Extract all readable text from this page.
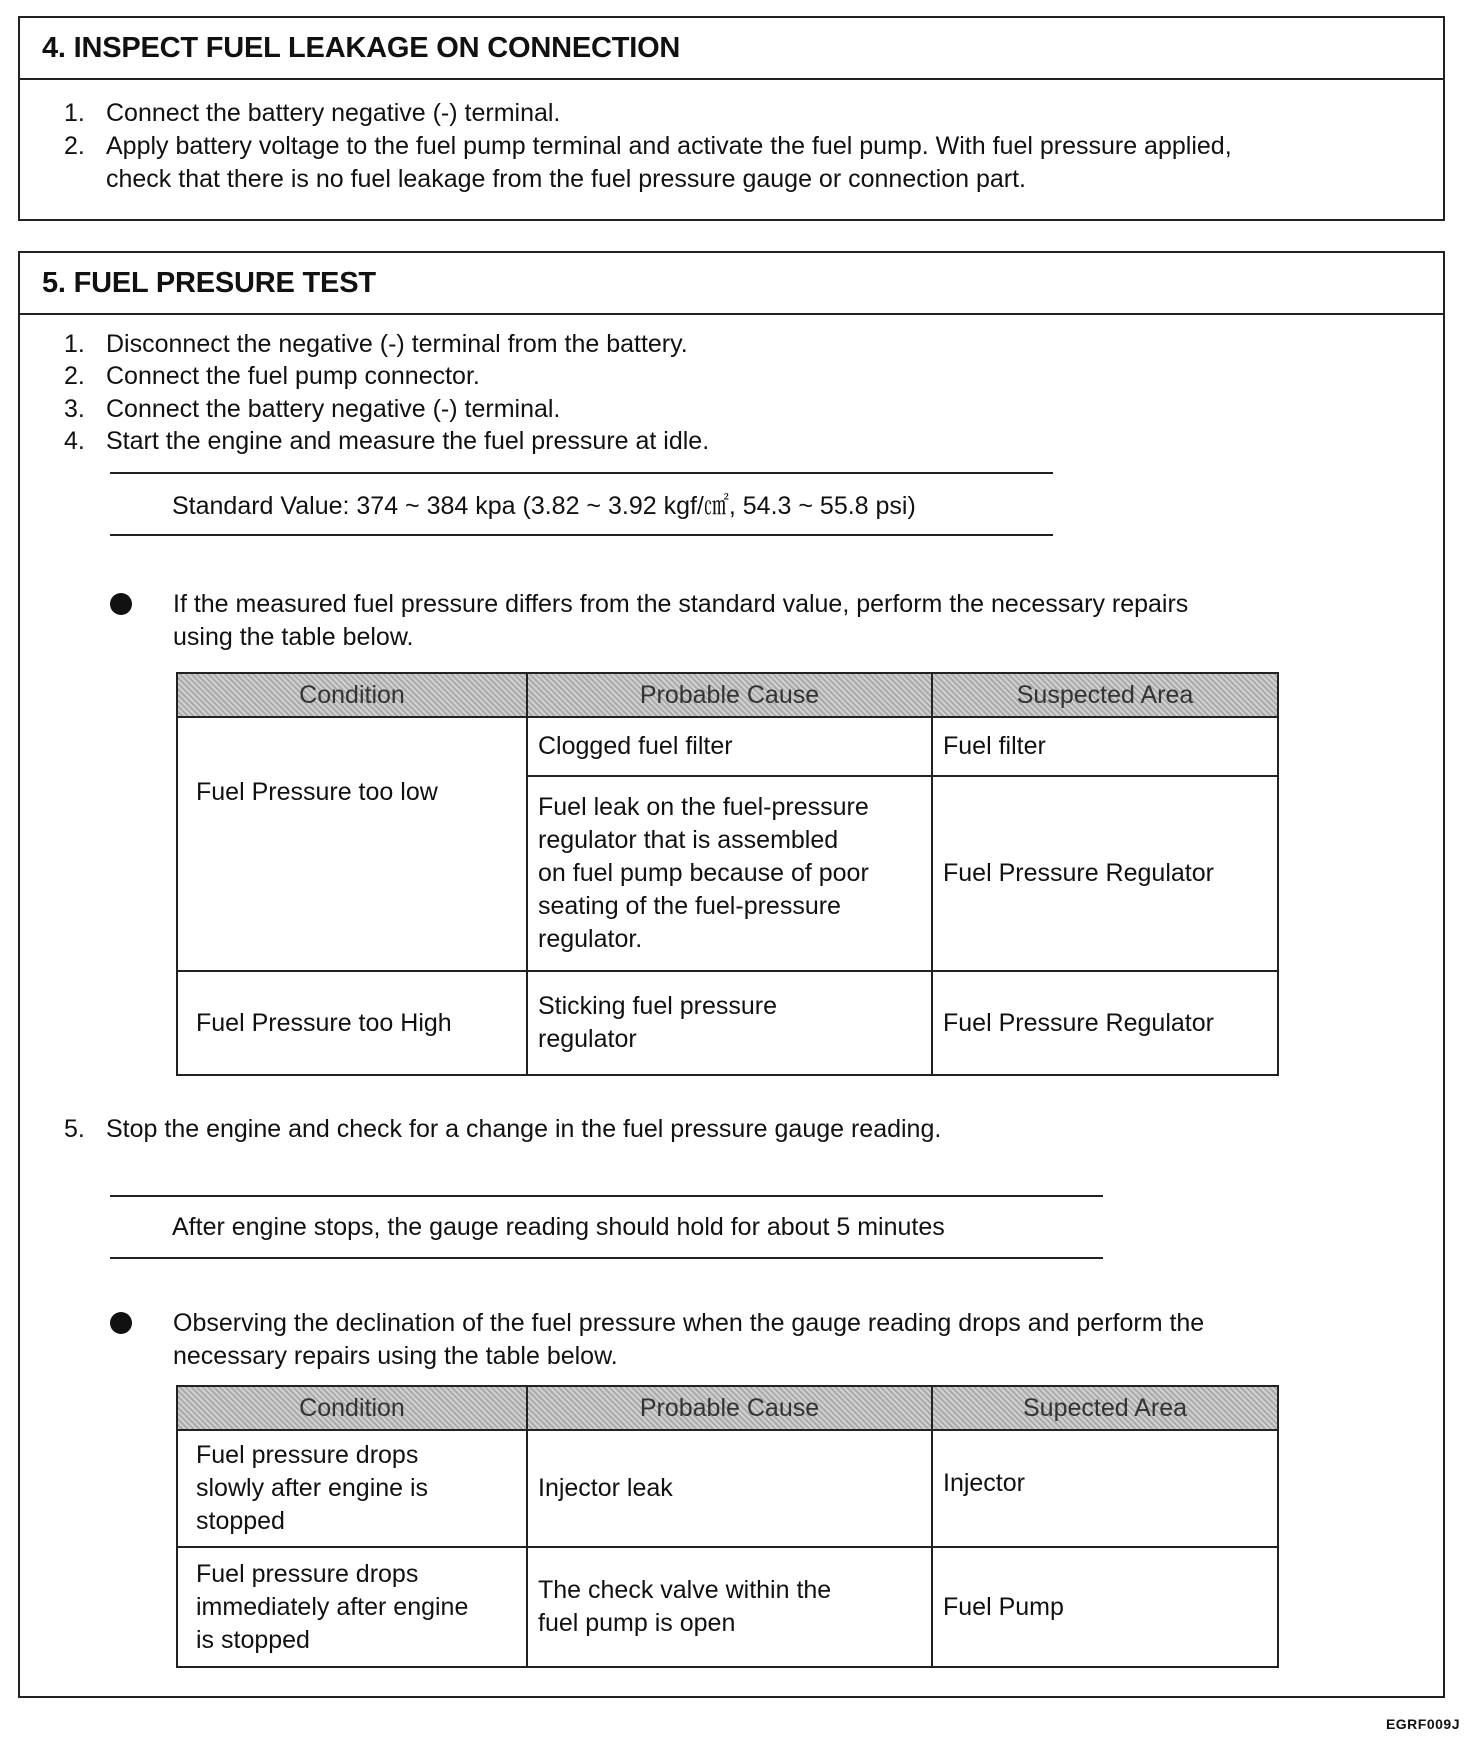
4. INSPECT FUEL LEAKAGE ON CONNECTION
1. Connect the battery negative (-) terminal.
2. Apply battery voltage to the fuel pump terminal and activate the fuel pump. With fuel pressure applied,
check that there is no fuel leakage from the fuel pressure gauge or connection part.
5. FUEL PRESURE TEST
1. Disconnect the negative (-) terminal from the battery.
2. Connect the fuel pump connector.
3. Connect the battery negative (-) terminal.
4. Start the engine and measure the fuel pressure at idle.
Standard Value: 374 ~ 384 kpa (3.82 ~ 3.92 kgf/㎠, 54.3 ~ 55.8 psi)
If the measured fuel pressure differs from the standard value, perform the necessary repairs
using the table below.
Condition	Probable Cause	Suspected Area
Fuel Pressure too low	Clogged fuel filter	Fuel filter
	Fuel leak on the fuel-pressure
regulator that is assembled
on fuel pump because of poor
seating of the fuel-pressure
regulator.	Fuel Pressure Regulator
Fuel Pressure too High	Sticking fuel pressure
regulator	Fuel Pressure Regulator
5. Stop the engine and check for a change in the fuel pressure gauge reading.
After engine stops, the gauge reading should hold for about 5 minutes
Observing the declination of the fuel pressure when the gauge reading drops and perform the
necessary repairs using the table below.
Condition	Probable Cause	Supected Area
Fuel pressure drops
slowly after engine is
stopped	Injector leak	Injector
Fuel pressure drops
immediately after engine
is stopped	The check valve within the
fuel pump is open	Fuel Pump
EGRF009J
